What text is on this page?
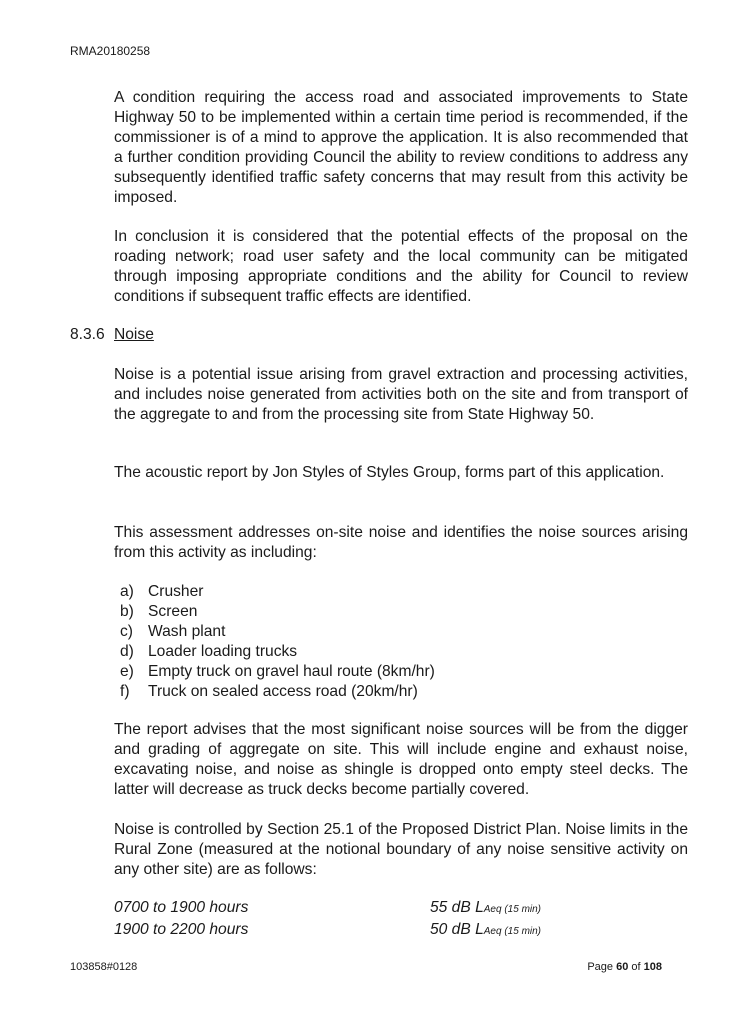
RMA20180258
A condition requiring the access road and associated improvements to State Highway 50 to be implemented within a certain time period is recommended, if the commissioner is of a mind to approve the application. It is also recommended that a further condition providing Council the ability to review conditions to address any subsequently identified traffic safety concerns that may result from this activity be imposed.
In conclusion it is considered that the potential effects of the proposal on the roading network; road user safety and the local community can be mitigated through imposing appropriate conditions and the ability for Council to review conditions if subsequent traffic effects are identified.
8.3.6 Noise
Noise is a potential issue arising from gravel extraction and processing activities, and includes noise generated from activities both on the site and from transport of the aggregate to and from the processing site from State Highway 50.
The acoustic report by Jon Styles of Styles Group, forms part of this application.
This assessment addresses on-site noise and identifies the noise sources arising from this activity as including:
a) Crusher
b) Screen
c) Wash plant
d) Loader loading trucks
e) Empty truck on gravel haul route (8km/hr)
f)	Truck on sealed access road (20km/hr)
The report advises that the most significant noise sources will be from the digger and grading of aggregate on site. This will include engine and exhaust noise, excavating noise, and noise as shingle is dropped onto empty steel decks. The latter will decrease as truck decks become partially covered.
Noise is controlled by Section 25.1 of the Proposed District Plan. Noise limits in the Rural Zone (measured at the notional boundary of any noise sensitive activity on any other site) are as follows:
0700 to 1900 hours	55 dB LAeq (15 min)
1900 to 2200 hours	50 dB LAeq (15 min)
103858#0128	Page 60 of 108
